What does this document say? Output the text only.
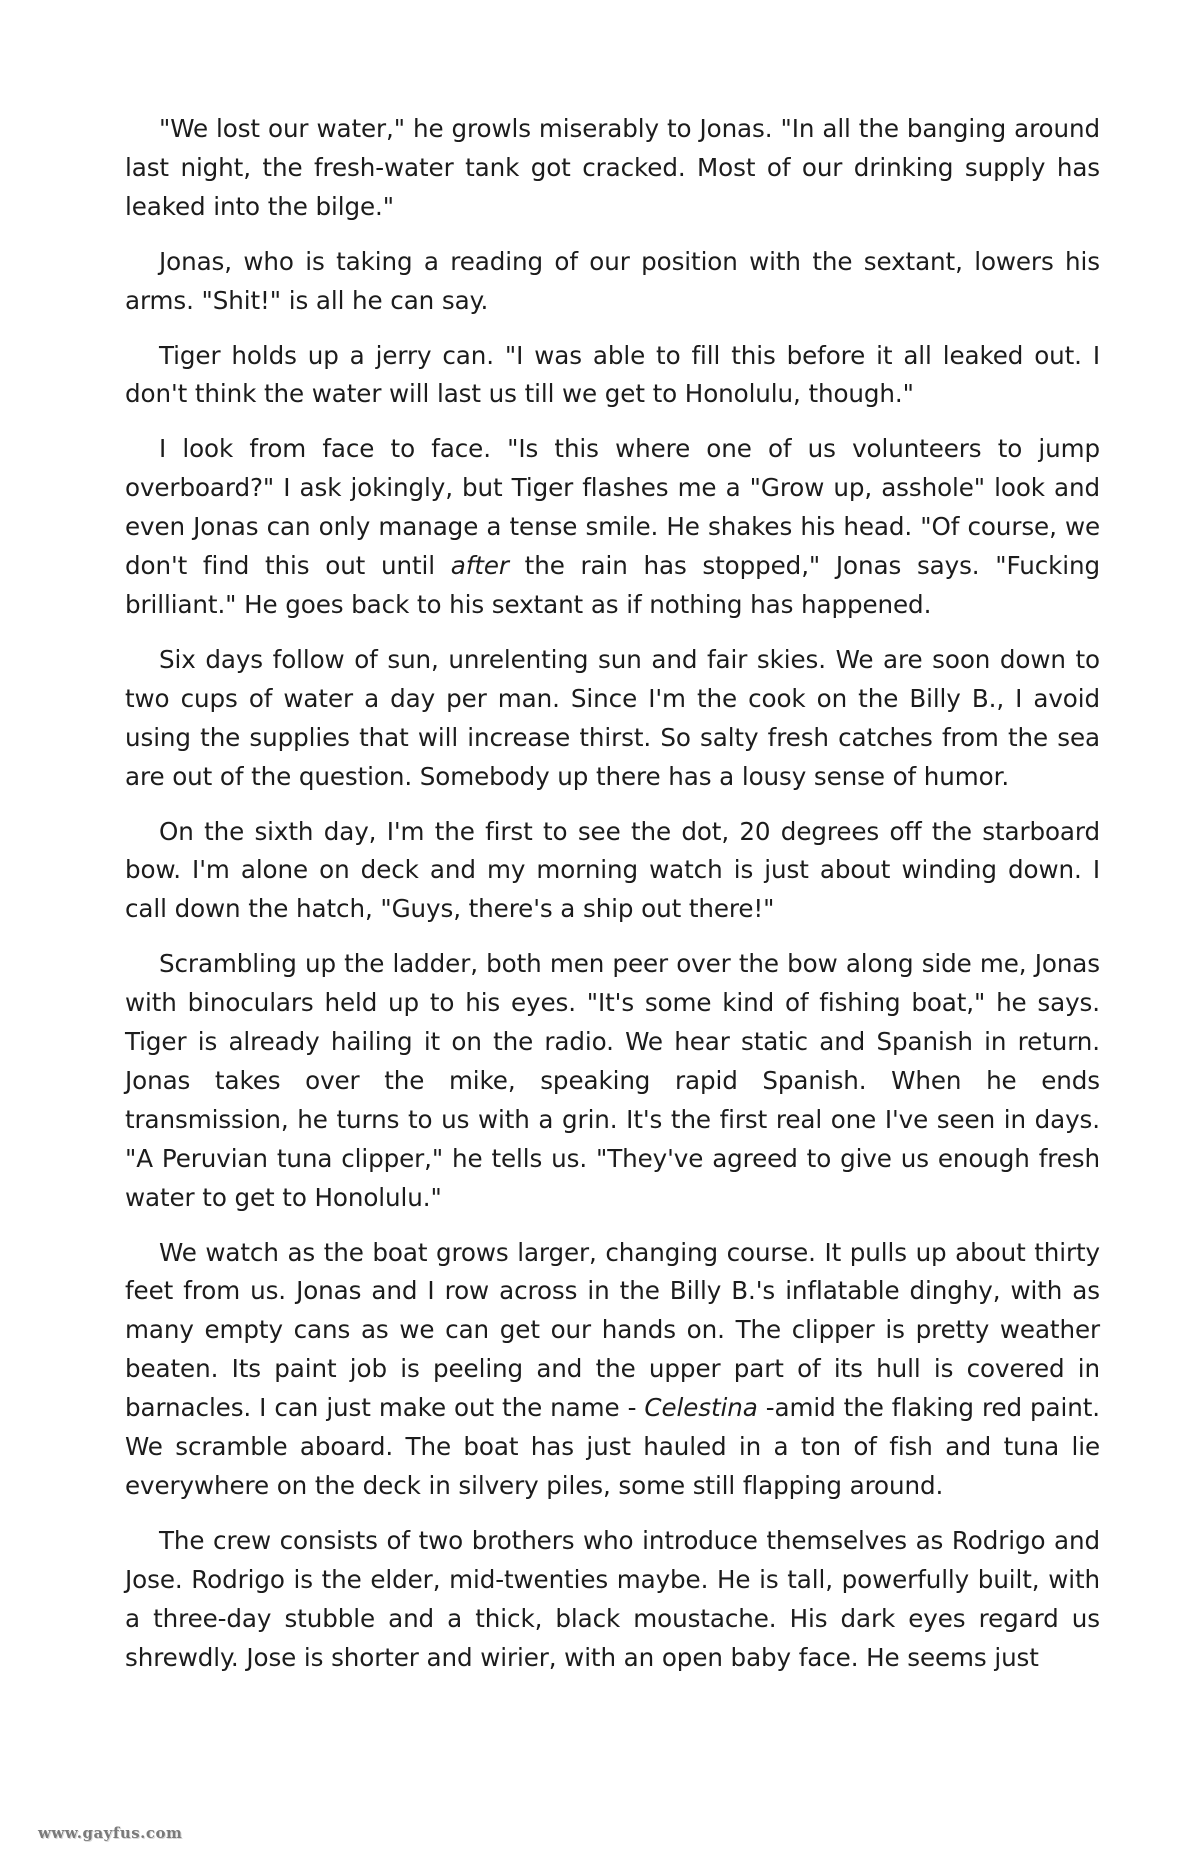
"We lost our water," he growls miserably to Jonas. "In all the banging around last night, the fresh-water tank got cracked. Most of our drinking supply has leaked into the bilge."

Jonas, who is taking a reading of our position with the sextant, lowers his arms. "Shit!" is all he can say.

Tiger holds up a jerry can. "I was able to fill this before it all leaked out. I don't think the water will last us till we get to Honolulu, though."

I look from face to face. "Is this where one of us volunteers to jump overboard?" I ask jokingly, but Tiger flashes me a "Grow up, asshole" look and even Jonas can only manage a tense smile. He shakes his head. "Of course, we don't find this out until after the rain has stopped," Jonas says. "Fucking brilliant." He goes back to his sextant as if nothing has happened.

Six days follow of sun, unrelenting sun and fair skies. We are soon down to two cups of water a day per man. Since I'm the cook on the Billy B., I avoid using the supplies that will increase thirst. So salty fresh catches from the sea are out of the question. Somebody up there has a lousy sense of humor.

On the sixth day, I'm the first to see the dot, 20 degrees off the starboard bow. I'm alone on deck and my morning watch is just about winding down. I call down the hatch, "Guys, there's a ship out there!"

Scrambling up the ladder, both men peer over the bow along side me, Jonas with binoculars held up to his eyes. "It's some kind of fishing boat," he says. Tiger is already hailing it on the radio. We hear static and Spanish in return. Jonas takes over the mike, speaking rapid Spanish. When he ends transmission, he turns to us with a grin. It's the first real one I've seen in days. "A Peruvian tuna clipper," he tells us. "They've agreed to give us enough fresh water to get to Honolulu."

We watch as the boat grows larger, changing course. It pulls up about thirty feet from us. Jonas and I row across in the Billy B.'s inflatable dinghy, with as many empty cans as we can get our hands on. The clipper is pretty weather beaten. Its paint job is peeling and the upper part of its hull is covered in barnacles. I can just make out the name - Celestina -amid the flaking red paint. We scramble aboard. The boat has just hauled in a ton of fish and tuna lie everywhere on the deck in silvery piles, some still flapping around.

The crew consists of two brothers who introduce themselves as Rodrigo and Jose. Rodrigo is the elder, mid-twenties maybe. He is tall, powerfully built, with a three-day stubble and a thick, black moustache. His dark eyes regard us shrewdly. Jose is shorter and wirier, with an open baby face. He seems just

www.gayfus.com
